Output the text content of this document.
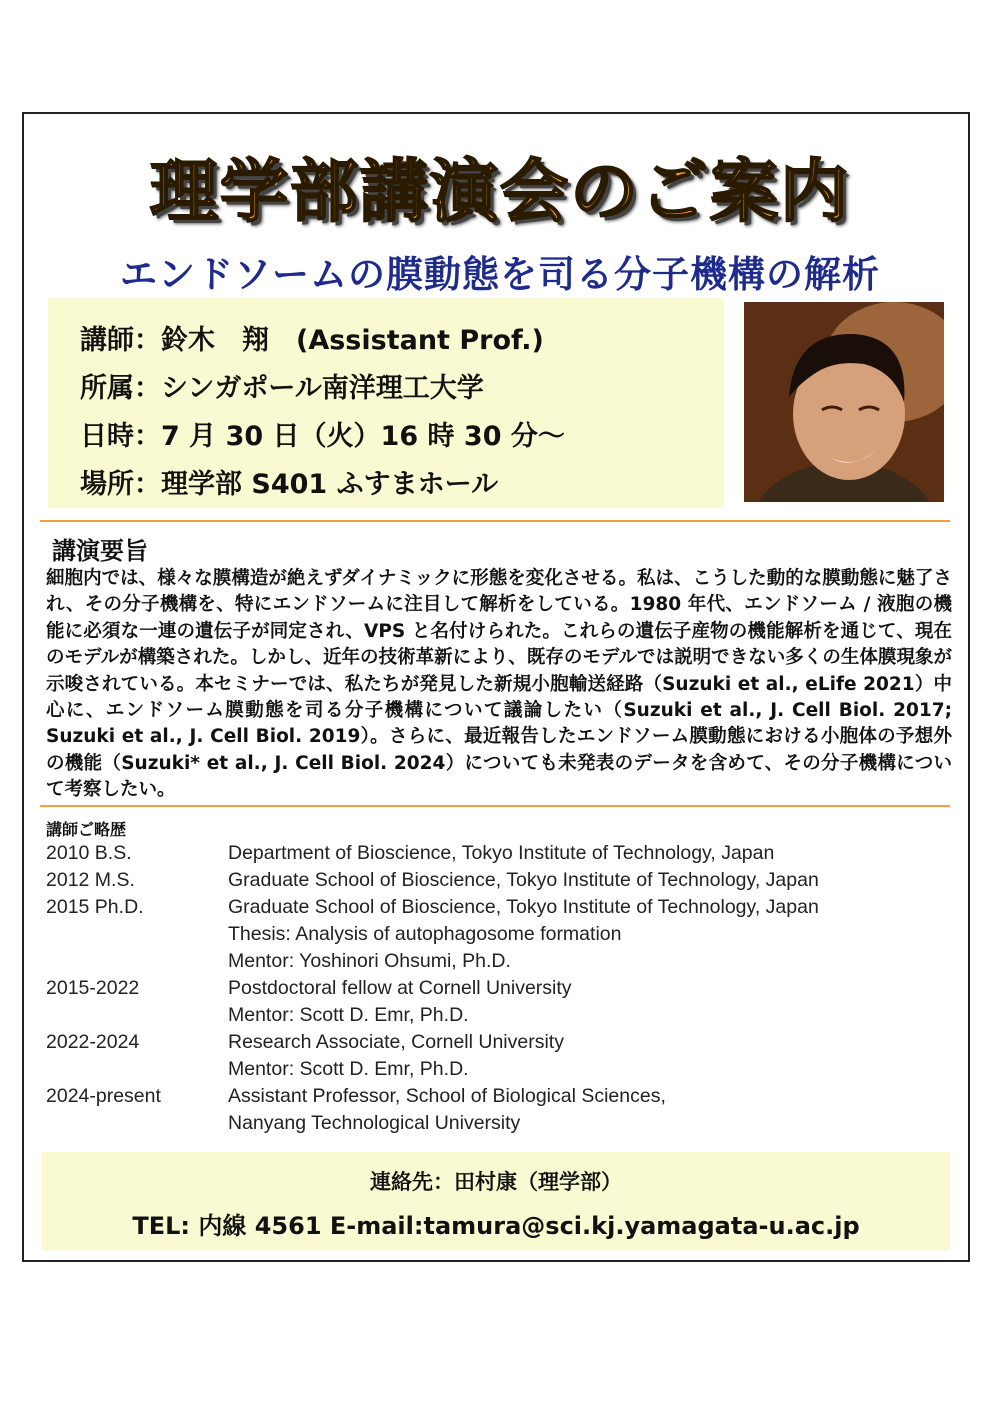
理学部講演会のご案内
エンドソームの膜動態を司る分子機構の解析
講師：鈴木　翔　(Assistant Prof.)
所属：シンガポール南洋理工大学
日時：7 月 30 日（火）16 時 30 分～
場所：理学部 S401 ふすまホール
講演要旨
細胞内では、様々な膜構造が絶えずダイナミックに形態を変化させる。私は、こうした動的な膜動態に魅了され、その分子機構を、特にエンドソームに注目して解析をしている。1980 年代、エンドソーム / 液胞の機能に必須な一連の遺伝子が同定され、VPS と名付けられた。これらの遺伝子産物の機能解析を通じて、現在のモデルが構築された。しかし、近年の技術革新により、既存のモデルでは説明できない多くの生体膜現象が示唆されている。本セミナーでは、私たちが発見した新規小胞輸送経路（Suzuki et al., eLife 2021）中心に、エンドソーム膜動態を司る分子機構について議論したい（Suzuki et al., J. Cell Biol. 2017; Suzuki et al., J. Cell Biol. 2019）。さらに、最近報告したエンドソーム膜動態における小胞体の予想外の機能（Suzuki* et al., J. Cell Biol. 2024）についても未発表のデータを含めて、その分子機構について考察したい。
講師ご略歴
2010 B.S.	Department of Bioscience, Tokyo Institute of Technology, Japan
2012 M.S.	Graduate School of Bioscience, Tokyo Institute of Technology, Japan
2015 Ph.D.	Graduate School of Bioscience, Tokyo Institute of Technology, Japan
Thesis: Analysis of autophagosome formation
Mentor: Yoshinori Ohsumi, Ph.D.
2015-2022	Postdoctoral fellow at Cornell University
Mentor: Scott D. Emr, Ph.D.
2022-2024	Research Associate, Cornell University
Mentor: Scott D. Emr, Ph.D.
2024-present	Assistant Professor, School of Biological Sciences,
Nanyang Technological University
連絡先：田村康（理学部）
TEL: 内線 4561 E-mail:tamura@sci.kj.yamagata-u.ac.jp
